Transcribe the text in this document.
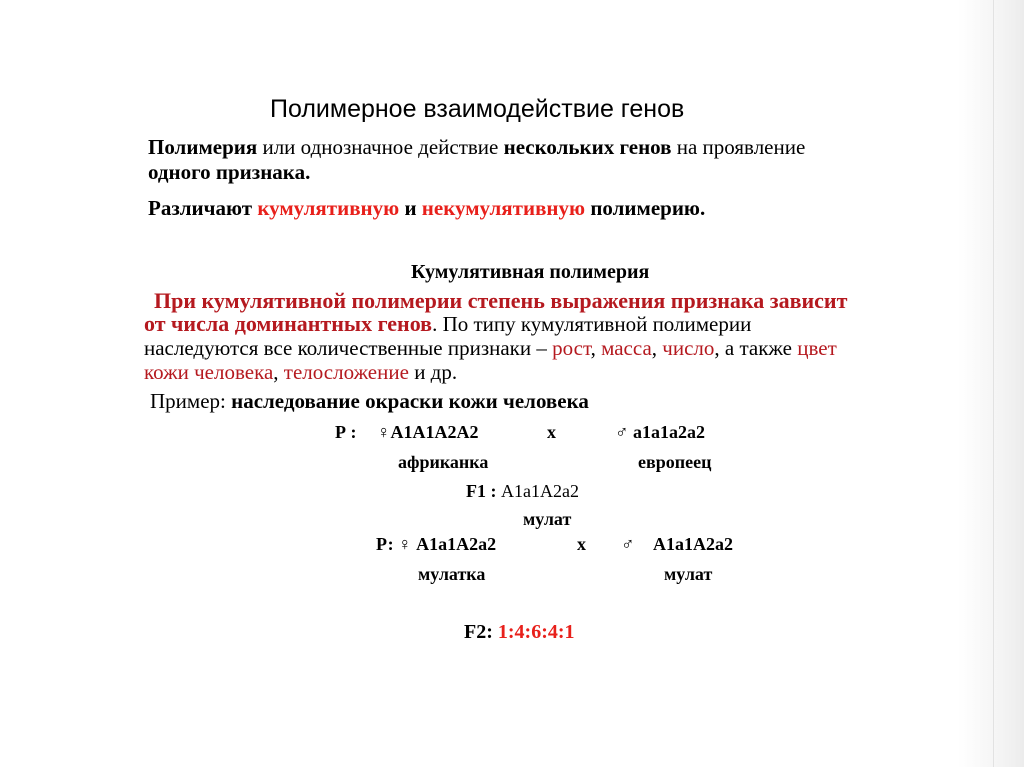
Полимерное взаимодействие генов
Полимерия или однозначное действие нескольких генов на проявление
одного признака.
Различают кумулятивную и некумулятивную полимерию.
Кумулятивная полимерия
При кумулятивной полимерии степень выражения признака зависит
от числа доминантных генов. По типу кумулятивной полимерии
наследуются все количественные признаки – рост, масса, число, а также цвет
кожи человека, телосложение и др.
Пример: наследование окраски кожи человека
Р : ♀А1А1А2А2	х	♂ а1а1а2а2
африканка	европеец
F1 : А1а1А2а2
мулат
Р: ♀ А1а1А2а2	х ♂ А1а1А2а2
мулатка	мулат
F2: 1:4:6:4:1
